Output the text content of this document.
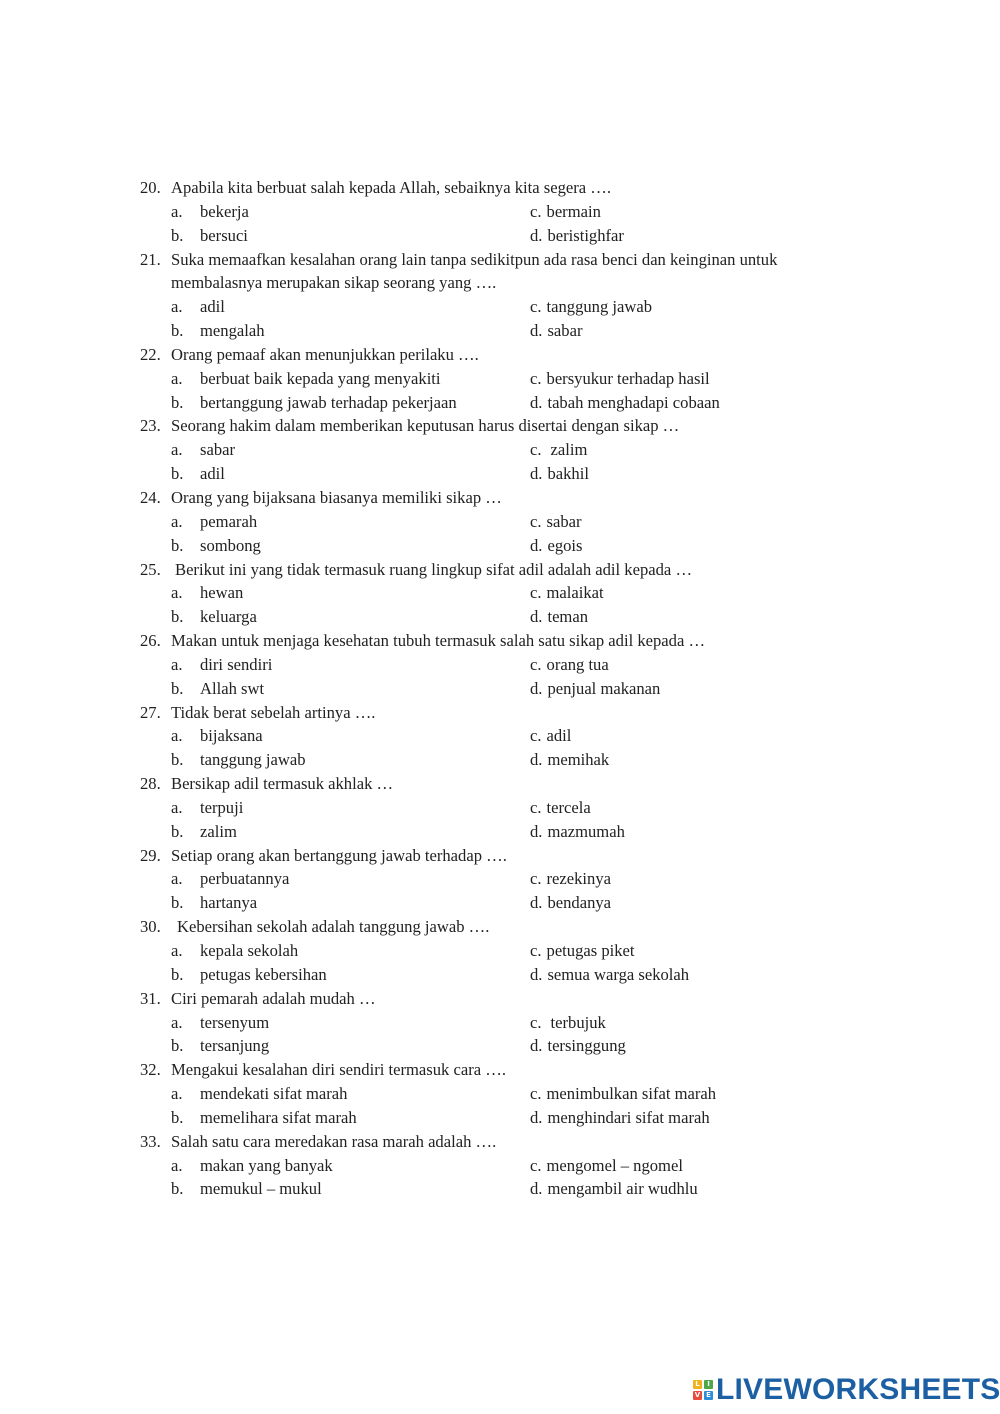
20. Apabila kita berbuat salah kepada Allah, sebaiknya kita segera ….
a. bekerja	c. bermain
b. bersuci	d. beristighfar
21. Suka memaafkan kesalahan orang lain tanpa sedikitpun ada rasa benci dan keinginan untuk
membalasnya merupakan sikap seorang yang ….
a. adil	c. tanggung jawab
b. mengalah	d. sabar
22. Orang pemaaf akan menunjukkan perilaku ….
a. berbuat baik kepada yang menyakiti	c. bersyukur terhadap hasil
b. bertanggung jawab terhadap pekerjaan	d. tabah menghadapi cobaan
23. Seorang hakim dalam memberikan keputusan harus disertai dengan sikap …
a. sabar	c. zalim
b. adil	d. bakhil
24. Orang yang bijaksana biasanya memiliki sikap …
a. pemarah	c. sabar
b. sombong	d. egois
25. Berikut ini yang tidak termasuk ruang lingkup sifat adil adalah adil kepada …
a. hewan	c. malaikat
b. keluarga	d. teman
26. Makan untuk menjaga kesehatan tubuh termasuk salah satu sikap adil kepada …
a. diri sendiri	c. orang tua
b. Allah swt	d. penjual makanan
27. Tidak berat sebelah artinya ….
a. bijaksana	c. adil
b. tanggung jawab	d. memihak
28. Bersikap adil termasuk akhlak …
a. terpuji	c. tercela
b. zalim	d. mazmumah
29. Setiap orang akan bertanggung jawab terhadap ….
a. perbuatannya	c. rezekinya
b. hartanya	d. bendanya
30. Kebersihan sekolah adalah tanggung jawab ….
a. kepala sekolah	c. petugas piket
b. petugas kebersihan	d. semua warga sekolah
31. Ciri pemarah adalah mudah …
a. tersenyum	c. terbujuk
b. tersanjung	d. tersinggung
32. Mengakui kesalahan diri sendiri termasuk cara ….
a. mendekati sifat marah	c. menimbulkan sifat marah
b. memelihara sifat marah	d. menghindari sifat marah
33. Salah satu cara meredakan rasa marah adalah ….
a. makan yang banyak	c. mengomel – ngomel
b. memukul – mukul	d. mengambil air wudhlu
L	I
V E LIVEWORKSHEETS
